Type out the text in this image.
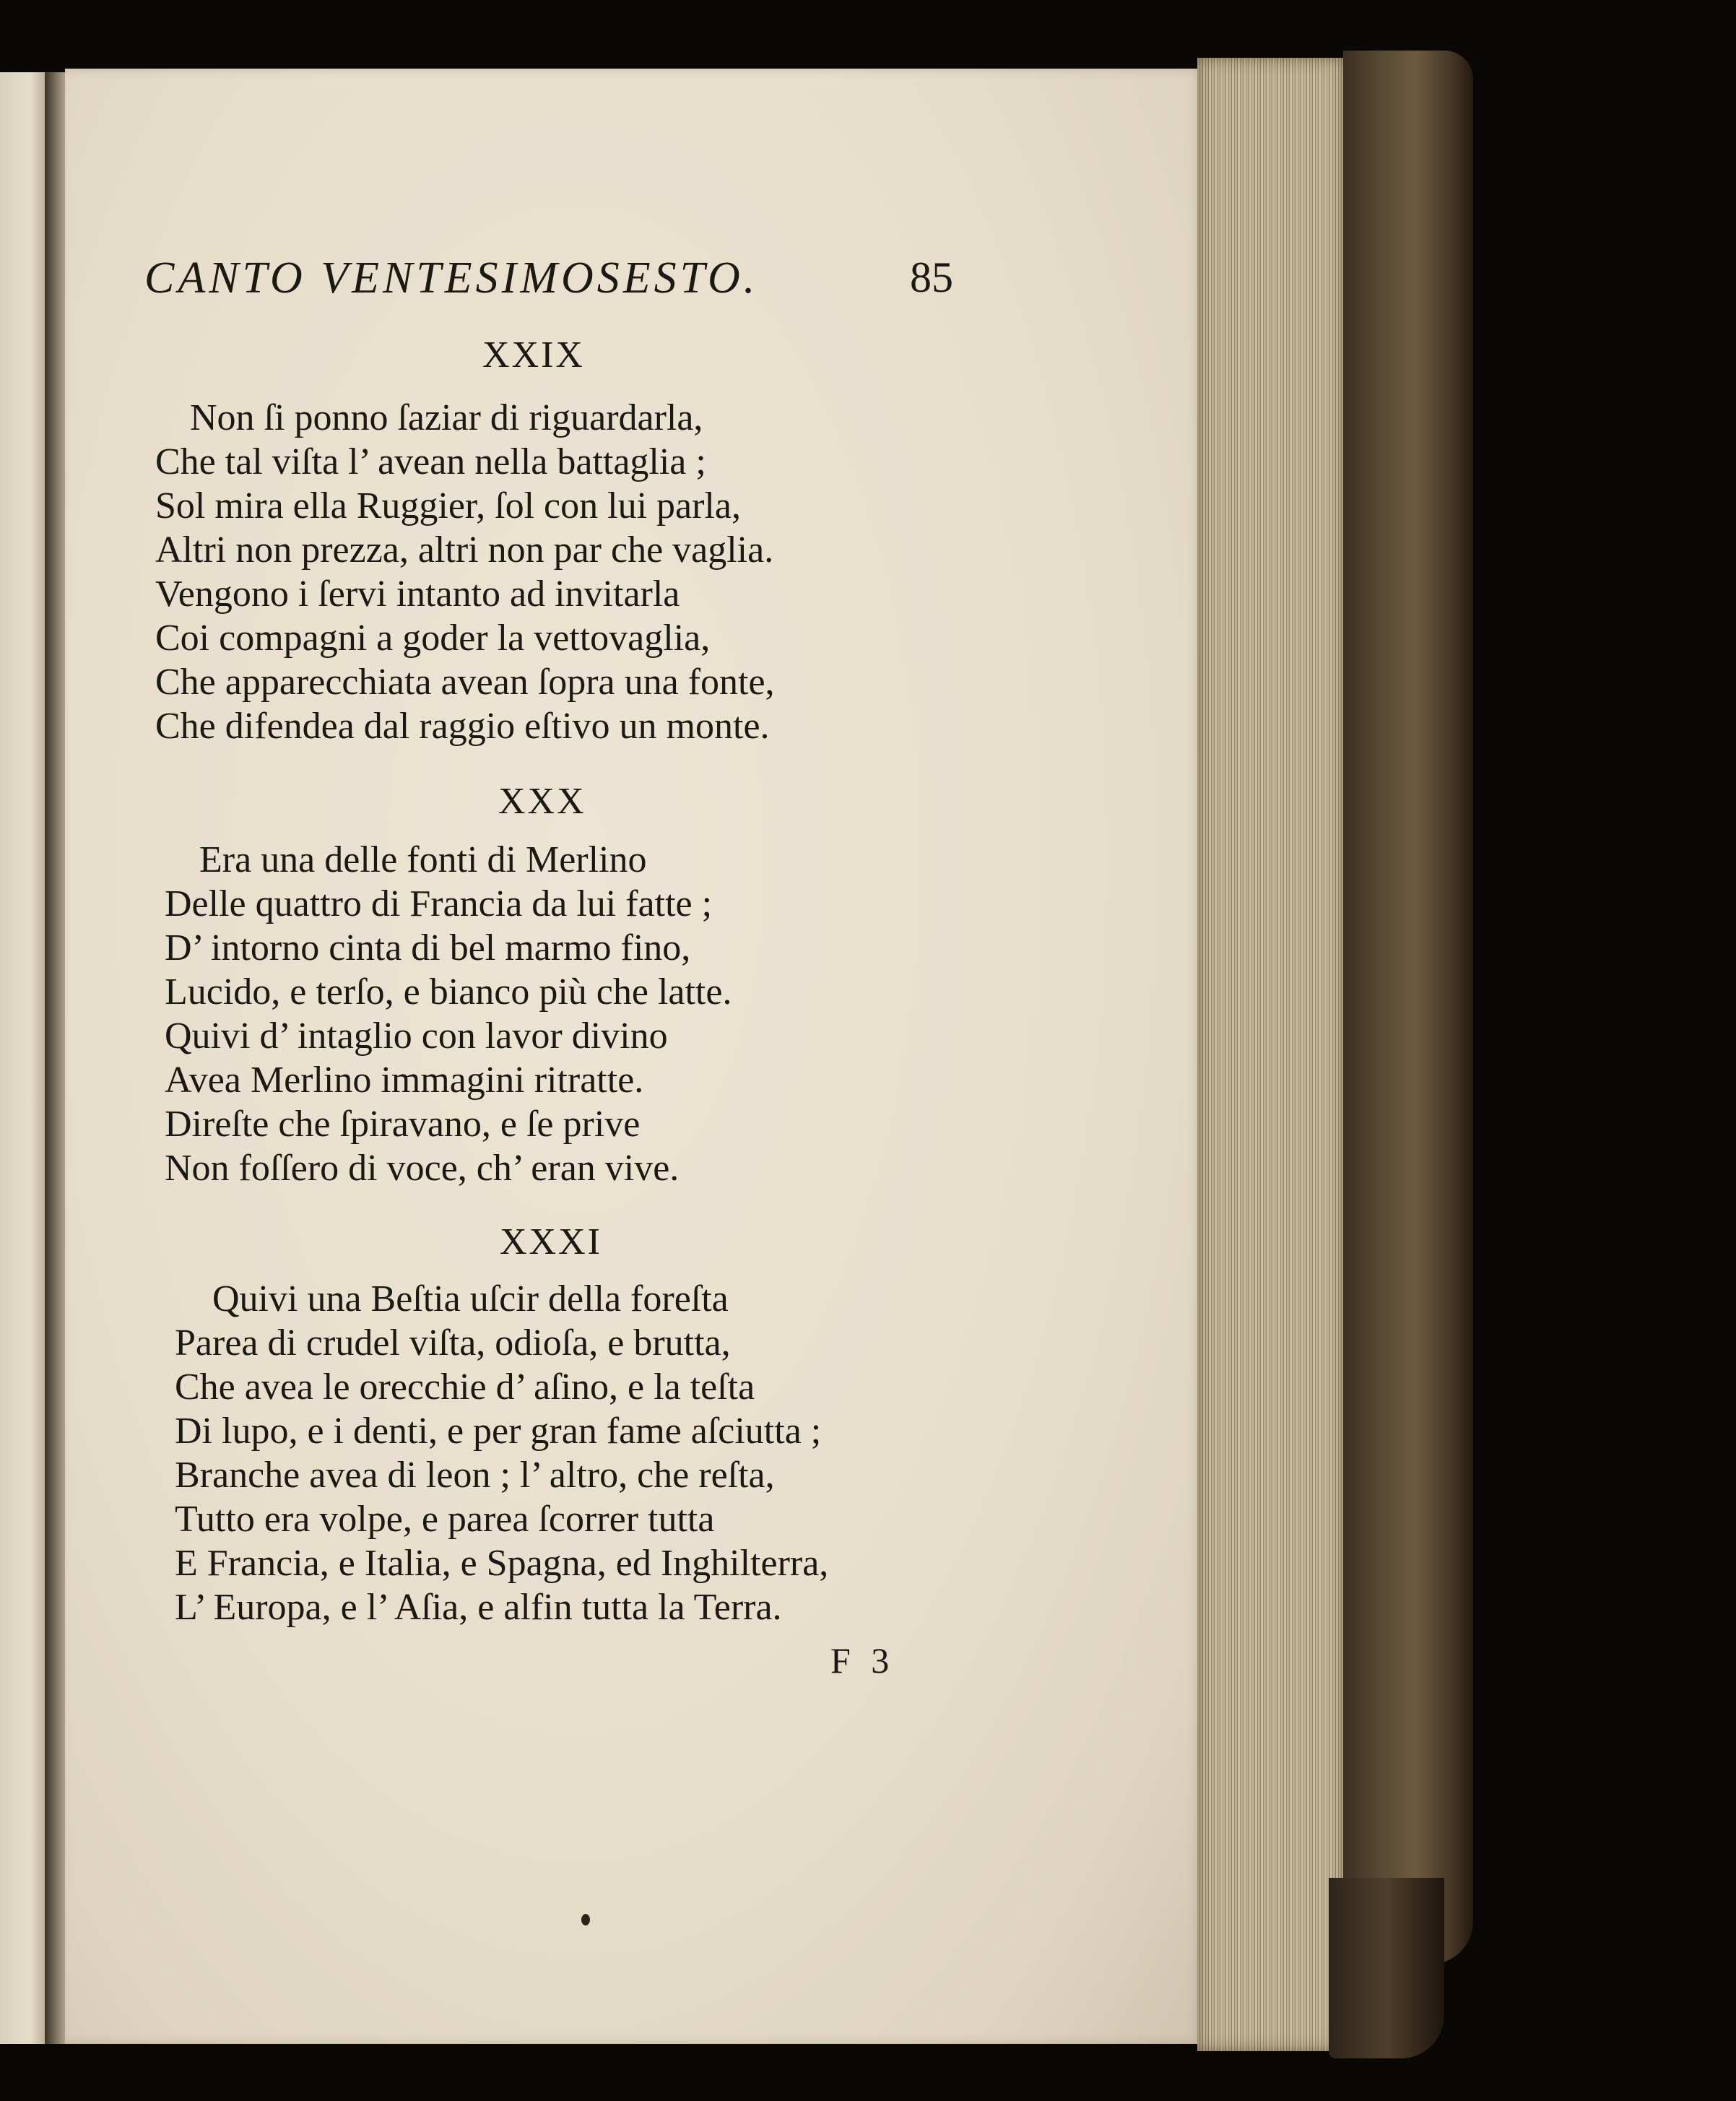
CANTO VENTESIMOSESTO.	85
XXIX
Non ſi ponno ſaziar di riguardarla,
Che tal viſta l’ avean nella battaglia ;
Sol mira ella Ruggier, ſol con lui parla,
Altri non prezza, altri non par che vaglia.
Vengono i ſervi intanto ad invitarla
Coi compagni a goder la vettovaglia,
Che apparecchiata avean ſopra una fonte,
Che difendea dal raggio eſtivo un monte.
XXX
Era una delle fonti di Merlino
Delle quattro di Francia da lui fatte ;
D’ intorno cinta di bel marmo fino,
Lucido, e terſo, e bianco più che latte.
Quivi d’ intaglio con lavor divino
Avea Merlino immagini ritratte.
Direſte che ſpiravano, e ſe prive
Non foſſero di voce, ch’ eran vive.
XXXI
Quivi una Beſtia uſcir della foreſta
Parea di crudel viſta, odioſa, e brutta,
Che avea le orecchie d’ aſino, e la teſta
Di lupo, e i denti, e per gran fame aſciutta ;
Branche avea di leon ; l’ altro, che reſta,
Tutto era volpe, e parea ſcorrer tutta
E Francia, e Italia, e Spagna, ed Inghilterra,
L’ Europa, e l’ Aſia, e alfin tutta la Terra.
F 3
